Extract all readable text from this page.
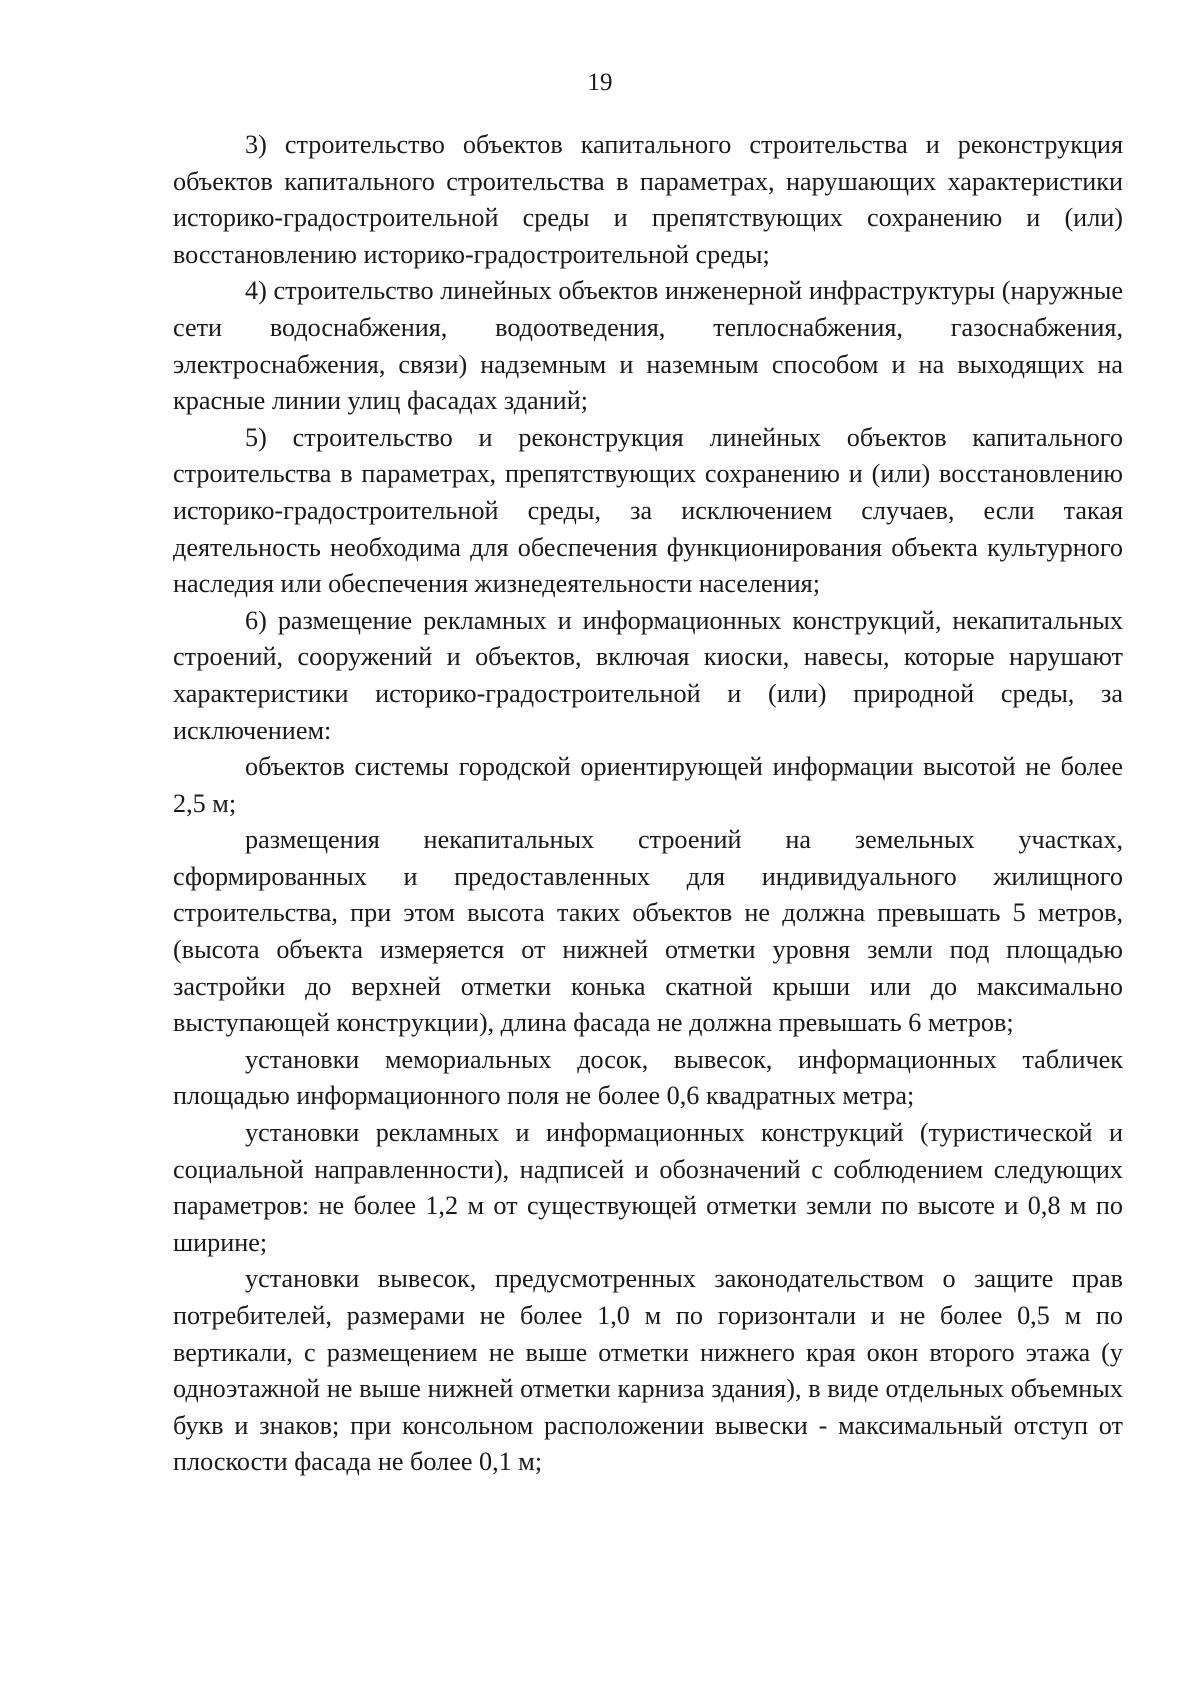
19

3) строительство объектов капитального строительства и реконструкция объектов капитального строительства в параметрах, нарушающих характеристики историко-градостроительной среды и препятствующих сохранению и (или) восстановлению историко-градостроительной среды;

4) строительство линейных объектов инженерной инфраструктуры (наружные сети водоснабжения, водоотведения, теплоснабжения, газоснабжения, электроснабжения, связи) надземным и наземным способом и на выходящих на красные линии улиц фасадах зданий;

5) строительство и реконструкция линейных объектов капитального строительства в параметрах, препятствующих сохранению и (или) восстановлению историко-градостроительной среды, за исключением случаев, если такая деятельность необходима для обеспечения функционирования объекта культурного наследия или обеспечения жизнедеятельности населения;

6) размещение рекламных и информационных конструкций, некапитальных строений, сооружений и объектов, включая киоски, навесы, которые нарушают характеристики историко-градостроительной и (или) природной среды, за исключением:

объектов системы городской ориентирующей информации высотой не более 2,5 м;

размещения некапитальных строений на земельных участках, сформированных и предоставленных для индивидуального жилищного строительства, при этом высота таких объектов не должна превышать 5 метров, (высота объекта измеряется от нижней отметки уровня земли под площадью застройки до верхней отметки конька скатной крыши или до максимально выступающей конструкции), длина фасада не должна превышать 6 метров;

установки мемориальных досок, вывесок, информационных табличек площадью информационного поля не более 0,6 квадратных метра;

установки рекламных и информационных конструкций (туристической и социальной направленности), надписей и обозначений с соблюдением следующих параметров: не более 1,2 м от существующей отметки земли по высоте и 0,8 м по ширине;

установки вывесок, предусмотренных законодательством о защите прав потребителей, размерами не более 1,0 м по горизонтали и не более 0,5 м по вертикали, с размещением не выше отметки нижнего края окон второго этажа (у одноэтажной не выше нижней отметки карниза здания), в виде отдельных объемных букв и знаков; при консольном расположении вывески - максимальный отступ от плоскости фасада не более 0,1 м;
